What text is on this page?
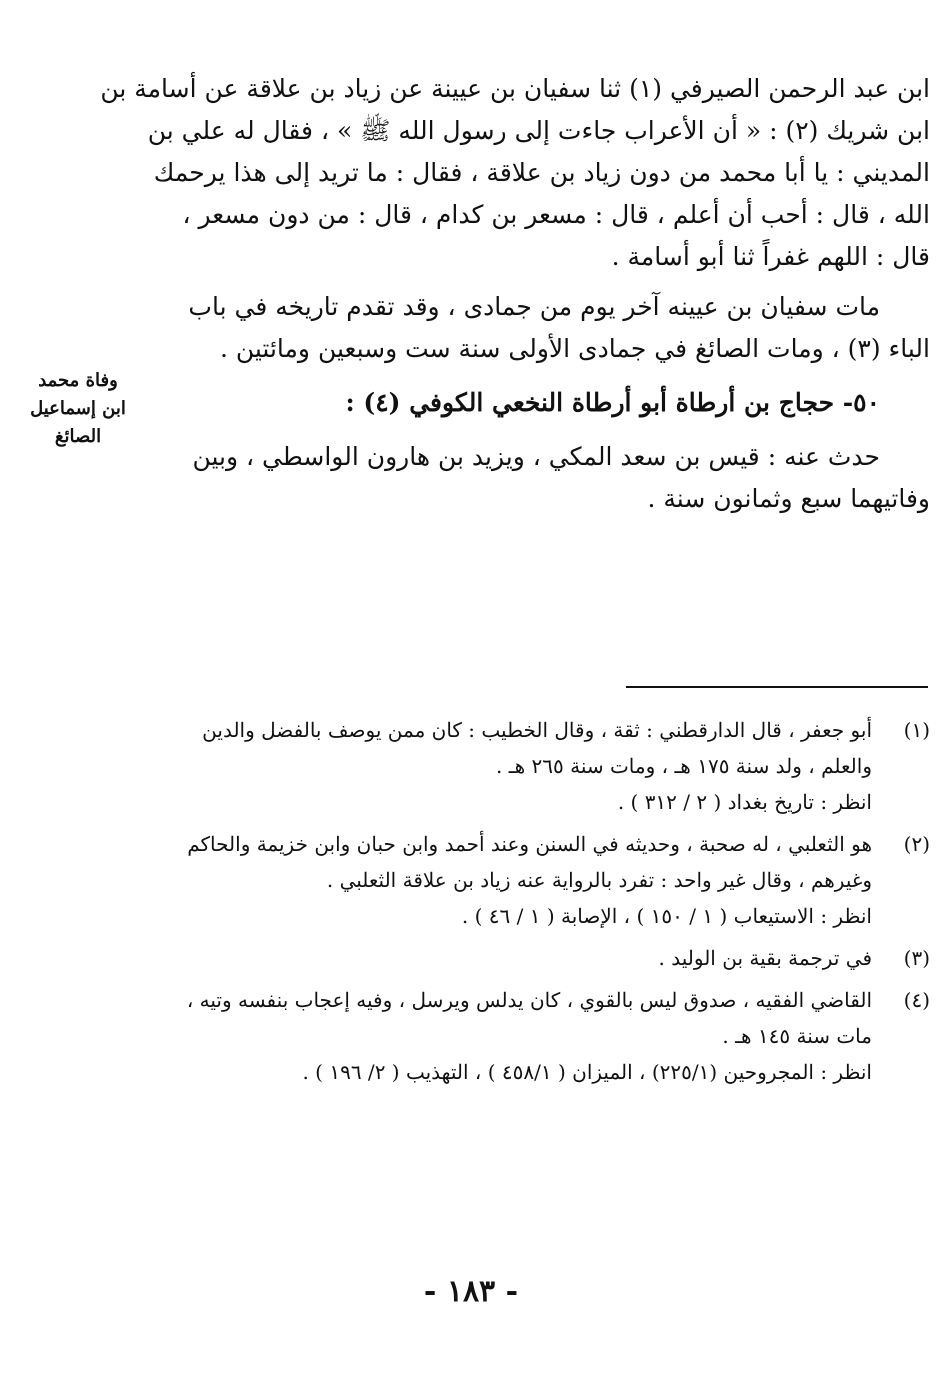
ابن عبد الرحمن الصيرفي (١) ثنا سفيان بن عيينة عن زياد بن علاقة عن أسامة بن
ابن شريك (٢) : « أن الأعراب جاءت إلى رسول الله ﷺ » ، فقال له علي بن
المديني : يا أبا محمد من دون زياد بن علاقة ، فقال : ما تريد إلى هذا يرحمك
الله ، قال : أحب أن أعلم ، قال : مسعر بن كدام ، قال : من دون مسعر ،
قال : اللهم غفراً ثنا أبو أسامة .
مات سفيان بن عيينه آخر يوم من جمادى ، وقد تقدم تاريخه في باب
الباء (٣) ، ومات الصائغ في جمادى الأولى سنة ست وسبعين ومائتين .
٥٠- حجاج بن أرطاة أبو أرطاة النخعي الكوفي (٤) :
حدث عنه : قيس بن سعد المكي ، ويزيد بن هارون الواسطي ، وبين
وفاتيهما سبع وثمانون سنة .
وفاة محمد
ابن إسماعيل
الصائغ
(١)
أبو جعفر ، قال الدارقطني : ثقة ، وقال الخطيب : كان ممن يوصف بالفضل والدين
والعلم ، ولد سنة ١٧٥ هـ ، ومات سنة ٢٦٥ هـ .
انظر : تاريخ بغداد ( ٢ / ٣١٢ ) .
(٢)
هو الثعلبي ، له صحبة ، وحديثه في السنن وعند أحمد وابن حبان وابن خزيمة والحاكم
وغيرهم ، وقال غير واحد : تفرد بالرواية عنه زياد بن علاقة الثعلبي .
انظر : الاستيعاب ( ١ / ١٥٠ ) ، الإصابة ( ١ / ٤٦ ) .
(٣)
في ترجمة بقية بن الوليد .
(٤)
القاضي الفقيه ، صدوق ليس بالقوي ، كان يدلس ويرسل ، وفيه إعجاب بنفسه وتيه ،
مات سنة ١٤٥ هـ .
انظر : المجروحين (٢٢٥/١) ، الميزان ( ٤٥٨/١ ) ، التهذيب ( ٢/ ١٩٦ ) .
- ١٨٣ -
